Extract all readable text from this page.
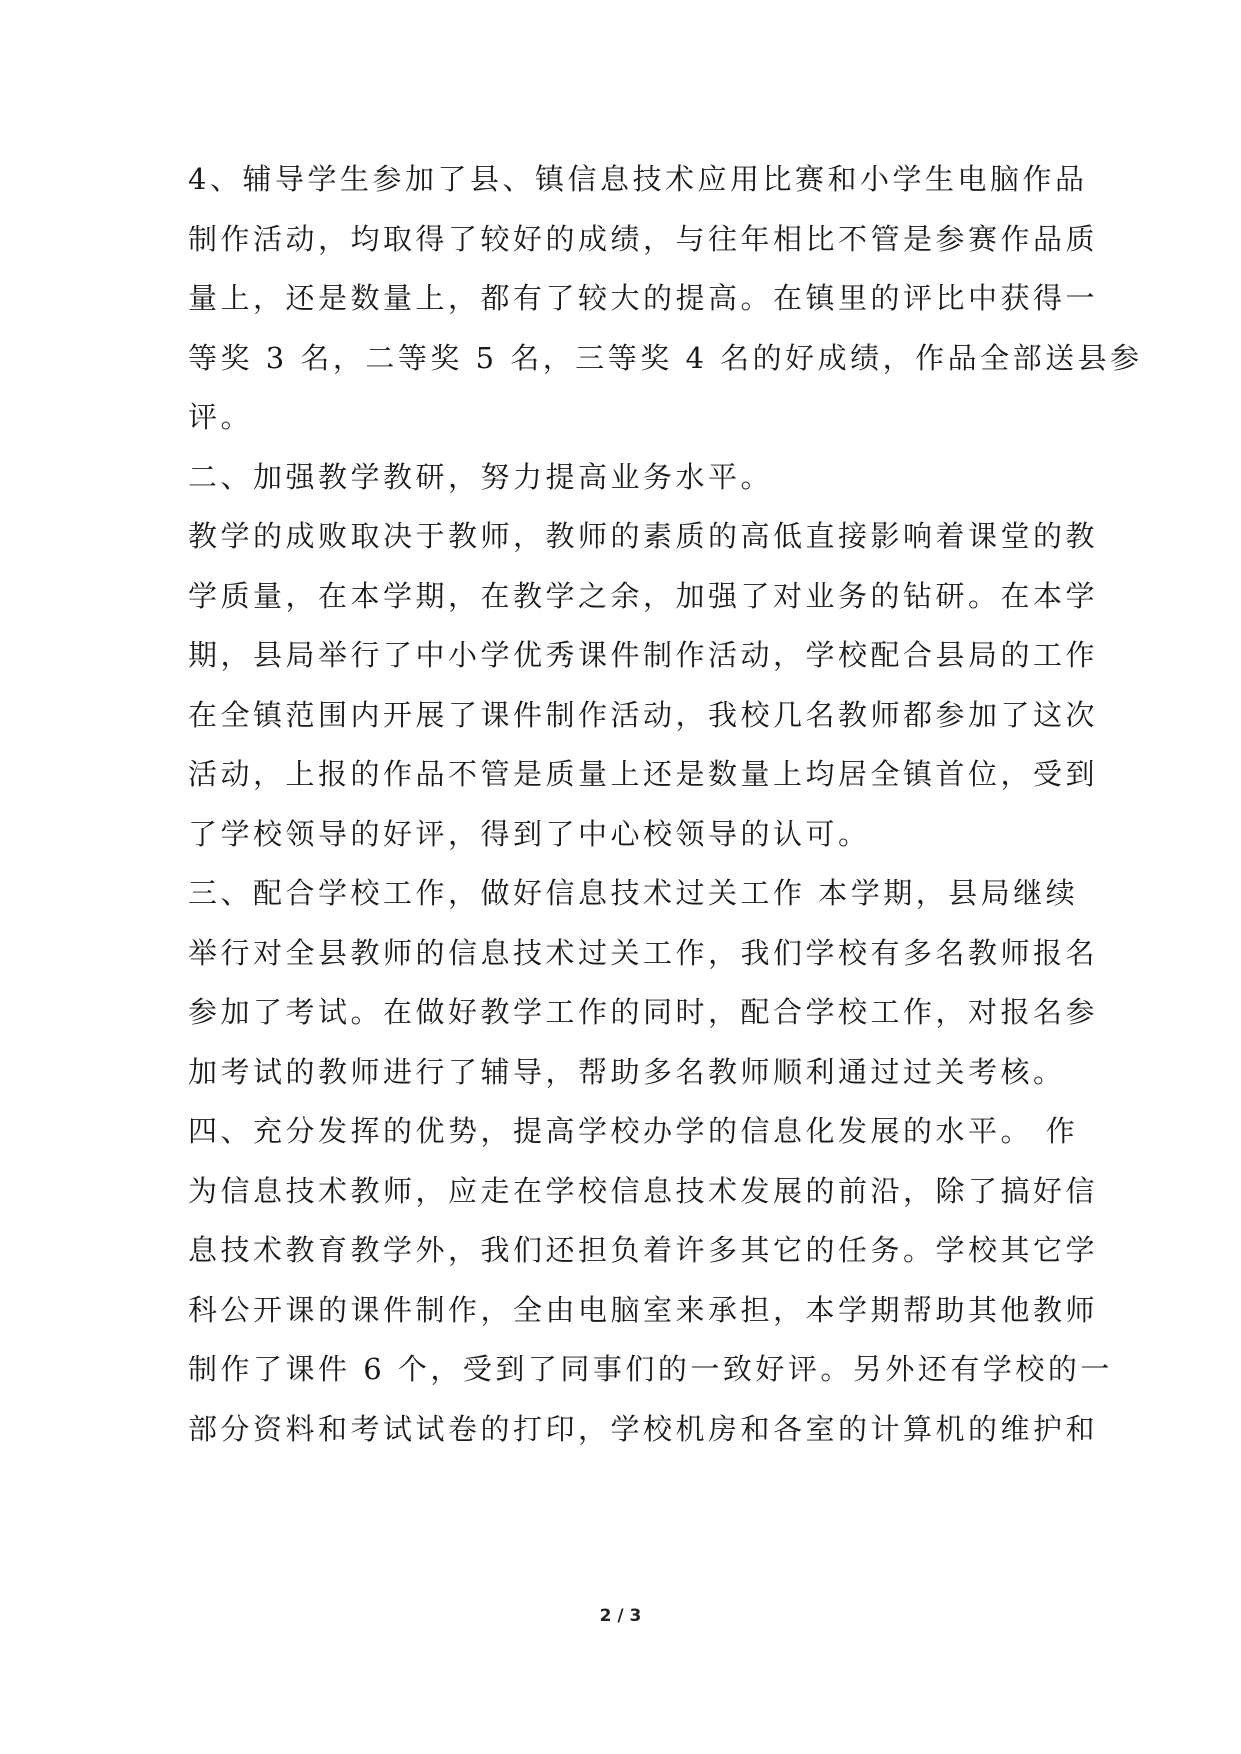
4、辅导学生参加了县、镇信息技术应用比赛和小学生电脑作品
制作活动，均取得了较好的成绩，与往年相比不管是参赛作品质
量上，还是数量上，都有了较大的提高。在镇里的评比中获得一
等奖 3 名，二等奖 5 名，三等奖 4 名的好成绩，作品全部送县参
评。
二、加强教学教研，努力提高业务水平。
教学的成败取决于教师，教师的素质的高低直接影响着课堂的教
学质量，在本学期，在教学之余，加强了对业务的钻研。在本学
期，县局举行了中小学优秀课件制作活动，学校配合县局的工作
在全镇范围内开展了课件制作活动，我校几名教师都参加了这次
活动，上报的作品不管是质量上还是数量上均居全镇首位，受到
了学校领导的好评，得到了中心校领导的认可。
三、配合学校工作，做好信息技术过关工作 本学期，县局继续
举行对全县教师的信息技术过关工作，我们学校有多名教师报名
参加了考试。在做好教学工作的同时，配合学校工作，对报名参
加考试的教师进行了辅导，帮助多名教师顺利通过过关考核。
四、充分发挥的优势，提高学校办学的信息化发展的水平。 作
为信息技术教师，应走在学校信息技术发展的前沿，除了搞好信
息技术教育教学外，我们还担负着许多其它的任务。学校其它学
科公开课的课件制作，全由电脑室来承担，本学期帮助其他教师
制作了课件 6 个，受到了同事们的一致好评。另外还有学校的一
部分资料和考试试卷的打印，学校机房和各室的计算机的维护和
2 / 3
